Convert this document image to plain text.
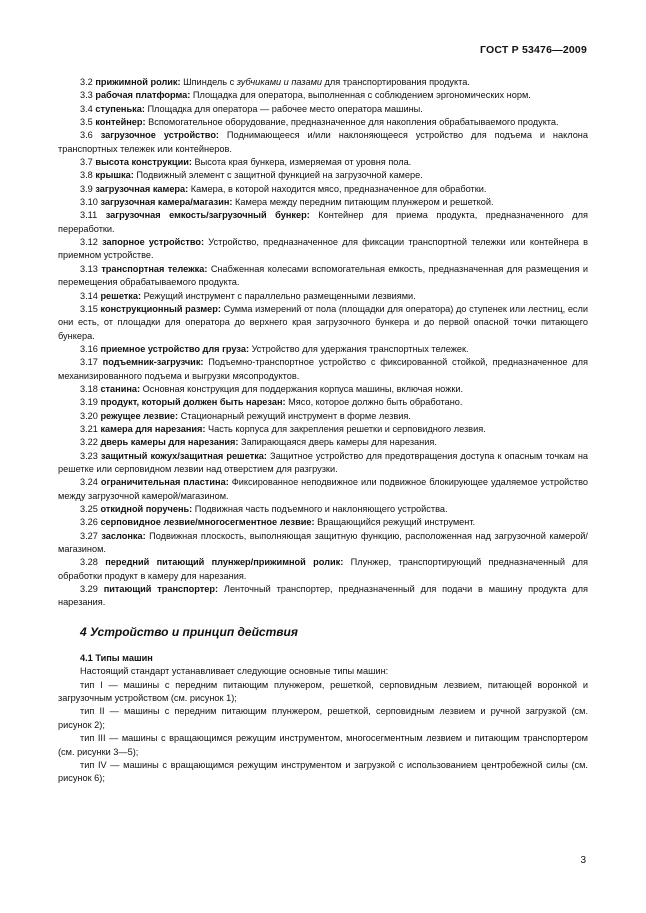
ГОСТ Р 53476—2009

3.2 прижимной ролик: Шпиндель с зубчиками и пазами для транспортирования продукта.

3.3 рабочая платформа: Площадка для оператора, выполненная с соблюдением эргономических норм.

3.4 ступенька: Площадка для оператора — рабочее место оператора машины.

3.5 контейнер: Вспомогательное оборудование, предназначенное для накопления обрабатываемого продукта.

3.6 загрузочное устройство: Поднимающееся и/или наклоняющееся устройство для подъема и наклона транспортных тележек или контейнеров.

3.7 высота конструкции: Высота края бункера, измеряемая от уровня пола.

3.8 крышка: Подвижный элемент с защитной функцией на загрузочной камере.

3.9 загрузочная камера: Камера, в которой находится мясо, предназначенное для обработки.

3.10 загрузочная камера/магазин: Камера между передним питающим плунжером и решеткой.

3.11 загрузочная емкость/загрузочный бункер: Контейнер для приема продукта, предназначенного для переработки.

3.12 запорное устройство: Устройство, предназначенное для фиксации транспортной тележки или контейнера в приемном устройстве.

3.13 транспортная тележка: Снабженная колесами вспомогательная емкость, предназначенная для размещения и перемещения обрабатываемого продукта.

3.14 решетка: Режущий инструмент с параллельно размещенными лезвиями.

3.15 конструкционный размер: Сумма измерений от пола (площадки для оператора) до ступенек или лестниц, если они есть, от площадки для оператора до верхнего края загрузочного бункера и до первой опасной точки питающего бункера.

3.16 приемное устройство для груза: Устройство для удержания транспортных тележек.

3.17 подъемник-загрузчик: Подъемно-транспортное устройство с фиксированной стойкой, предназначенное для механизированного подъема и выгрузки мясопродуктов.

3.18 станина: Основная конструкция для поддержания корпуса машины, включая ножки.

3.19 продукт, который должен быть нарезан: Мясо, которое должно быть обработано.

3.20 режущее лезвие: Стационарный режущий инструмент в форме лезвия.

3.21 камера для нарезания: Часть корпуса для закрепления решетки и серповидного лезвия.

3.22 дверь камеры для нарезания: Запирающаяся дверь камеры для нарезания.

3.23 защитный кожух/защитная решетка: Защитное устройство для предотвращения доступа к опасным точкам на решетке или серповидном лезвии над отверстием для разгрузки.

3.24 ограничительная пластина: Фиксированное неподвижное или подвижное блокирующее удаляемое устройство между загрузочной камерой/магазином.

3.25 откидной поручень: Подвижная часть подъемного и наклоняющего устройства.

3.26 серповидное лезвие/многосегментное лезвие: Вращающийся режущий инструмент.

3.27 заслонка: Подвижная плоскость, выполняющая защитную функцию, расположенная над загрузочной камерой/магазином.

3.28 передний питающий плунжер/прижимной ролик: Плунжер, транспортирующий предназначенный для обработки продукт в камеру для нарезания.

3.29 питающий транспортер: Ленточный транспортер, предназначенный для подачи в машину продукта для нарезания.

4 Устройство и принцип действия

4.1 Типы машин

Настоящий стандарт устанавливает следующие основные типы машин:

тип I — машины с передним питающим плунжером, решеткой, серповидным лезвием, питающей воронкой и загрузочным устройством (см. рисунок 1);

тип II — машины с передним питающим плунжером, решеткой, серповидным лезвием и ручной загрузкой (см. рисунок 2);

тип III — машины с вращающимся режущим инструментом, многосегментным лезвием и питающим транспортером (см. рисунки 3—5);

тип IV — машины с вращающимся режущим инструментом и загрузкой с использованием центробежной силы (см. рисунок 6);

3
